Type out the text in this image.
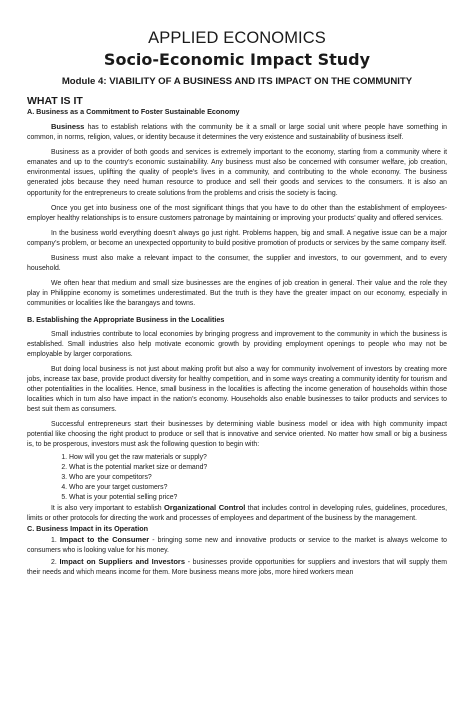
APPLIED ECONOMICS
Socio-Economic Impact Study
Module 4: VIABILITY OF A BUSINESS AND ITS IMPACT ON THE COMMUNITY
WHAT IS IT
A. Business as a Commitment to Foster Sustainable Economy

Business has to establish relations with the community be it a small or large social unit where people have something in common, in norms, religion, values, or identity because it determines the very existence and sustainability of business itself.

Business as a provider of both goods and services is extremely important to the economy, starting from a community where it emanates and up to the country’s economic sustainability. Any business must also be concerned with consumer welfare, job creation, environmental issues, uplifting the quality of people’s lives in a community, and contributing to the whole economy. The business generated jobs because they need human resource to produce and sell their goods and services to the consumers. It is also an opportunity for the entrepreneurs to create solutions from the problems and crisis the society is facing.

Once you get into business one of the most significant things that you have to do other than the establishment of employees-employer healthy relationships is to ensure customers patronage by maintaining or improving your products’ quality and offered services.

In the business world everything doesn’t always go just right. Problems happen, big and small. A negative issue can be a major company’s problem, or become an unexpected opportunity to build positive promotion of products or services by the same company itself.

Business must also make a relevant impact to the consumer, the supplier and investors, to our government, and to every household.

We often hear that medium and small size businesses are the engines of job creation in general. Their value and the role they play in Philippine economy is sometimes underestimated. But the truth is they have the greater impact on our economy, especially in communities or localities like the barangays and towns.

B. Establishing the Appropriate Business in the Localities

Small industries contribute to local economies by bringing progress and improvement to the community in which the business is established. Small industries also help motivate economic growth by providing employment openings to people who may not be employable by larger corporations.

But doing local business is not just about making profit but also a way for community involvement of investors by creating more jobs, increase tax base, provide product diversity for healthy competition, and in some ways creating a community identity for tourism and other potentialities in the localities. Hence, small business in the localities is affecting the income generation of households within those localities which in turn also have impact in the nation’s economy. Households also enable businesses to tailor products and services to best suit them as consumers.

Successful entrepreneurs start their businesses by determining viable business model or idea with high community impact potential like choosing the right product to produce or sell that is innovative and service oriented. No matter how small or big a business is, to be prosperous, investors must ask the following question to begin with:

1. How will you get the raw materials or supply?
2. What is the potential market size or demand?
3. Who are your competitors?
4. Who are your target customers?
5. What is your potential selling price?

It is also very important to establish Organizational Control that includes control in developing rules, guidelines, procedures, limits or other protocols for directing the work and processes of employees and department of the business by the management.

C. Business Impact in its Operation
1. Impact to the Consumer - bringing some new and innovative products or service to the market is always welcome to consumers who is looking value for his money.
2. Impact on Suppliers and Investors - businesses provide opportunities for suppliers and investors that will supply them their needs and which means income for them. More business means more jobs, more hired workers mean
